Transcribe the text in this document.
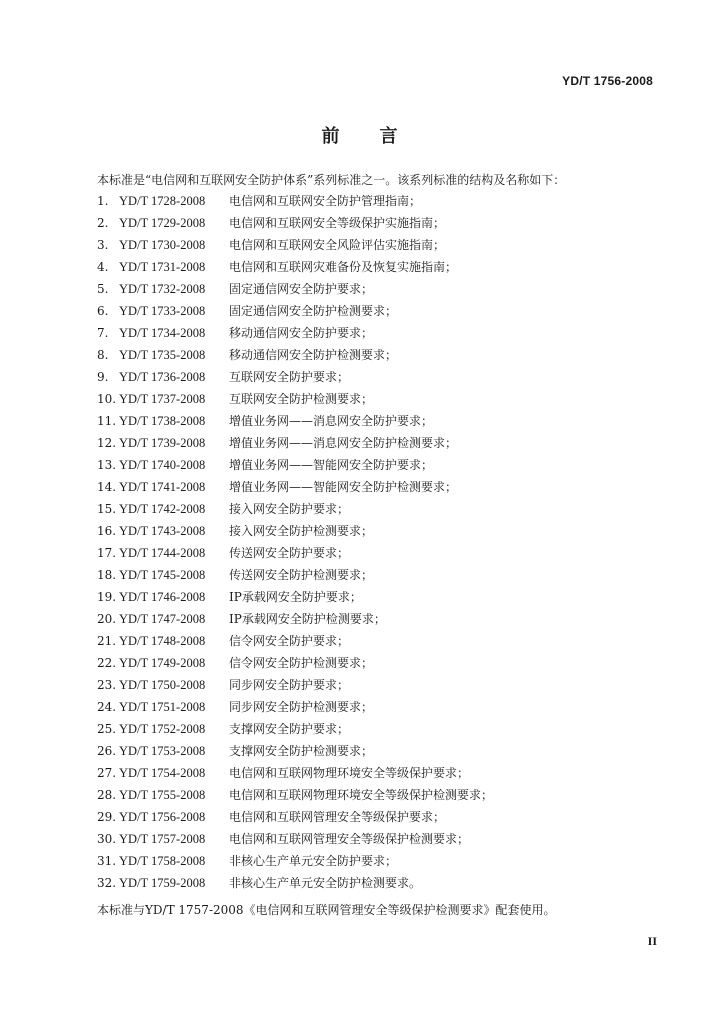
YD/T 1756-2008
前言
本标准是“电信网和互联网安全防护体系”系列标准之一。该系列标准的结构及名称如下：
1. YD/T 1728-2008	电信网和互联网安全防护管理指南；
2. YD/T 1729-2008	电信网和互联网安全等级保护实施指南；
3. YD/T 1730-2008	电信网和互联网安全风险评估实施指南；
4. YD/T 1731-2008	电信网和互联网灾难备份及恢复实施指南；
5. YD/T 1732-2008	固定通信网安全防护要求；
6. YD/T 1733-2008	固定通信网安全防护检测要求；
7. YD/T 1734-2008	移动通信网安全防护要求；
8. YD/T 1735-2008	移动通信网安全防护检测要求；
9. YD/T 1736-2008	互联网安全防护要求；
10. YD/T 1737-2008	互联网安全防护检测要求；
11. YD/T 1738-2008	增值业务网——消息网安全防护要求；
12. YD/T 1739-2008	增值业务网——消息网安全防护检测要求；
13. YD/T 1740-2008	增值业务网——智能网安全防护要求；
14. YD/T 1741-2008	增值业务网——智能网安全防护检测要求；
15. YD/T 1742-2008	接入网安全防护要求；
16. YD/T 1743-2008	接入网安全防护检测要求；
17. YD/T 1744-2008	传送网安全防护要求；
18. YD/T 1745-2008	传送网安全防护检测要求；
19. YD/T 1746-2008	IP承载网安全防护要求；
20. YD/T 1747-2008	IP承载网安全防护检测要求；
21. YD/T 1748-2008	信令网安全防护要求；
22. YD/T 1749-2008	信令网安全防护检测要求；
23. YD/T 1750-2008	同步网安全防护要求；
24. YD/T 1751-2008	同步网安全防护检测要求；
25. YD/T 1752-2008	支撑网安全防护要求；
26. YD/T 1753-2008	支撑网安全防护检测要求；
27. YD/T 1754-2008	电信网和互联网物理环境安全等级保护要求；
28. YD/T 1755-2008	电信网和互联网物理环境安全等级保护检测要求；
29. YD/T 1756-2008	电信网和互联网管理安全等级保护要求；
30. YD/T 1757-2008	电信网和互联网管理安全等级保护检测要求；
31. YD/T 1758-2008	非核心生产单元安全防护要求；
32. YD/T 1759-2008	非核心生产单元安全防护检测要求。
本标准与YD/T 1757-2008《电信网和互联网管理安全等级保护检测要求》配套使用。
II
